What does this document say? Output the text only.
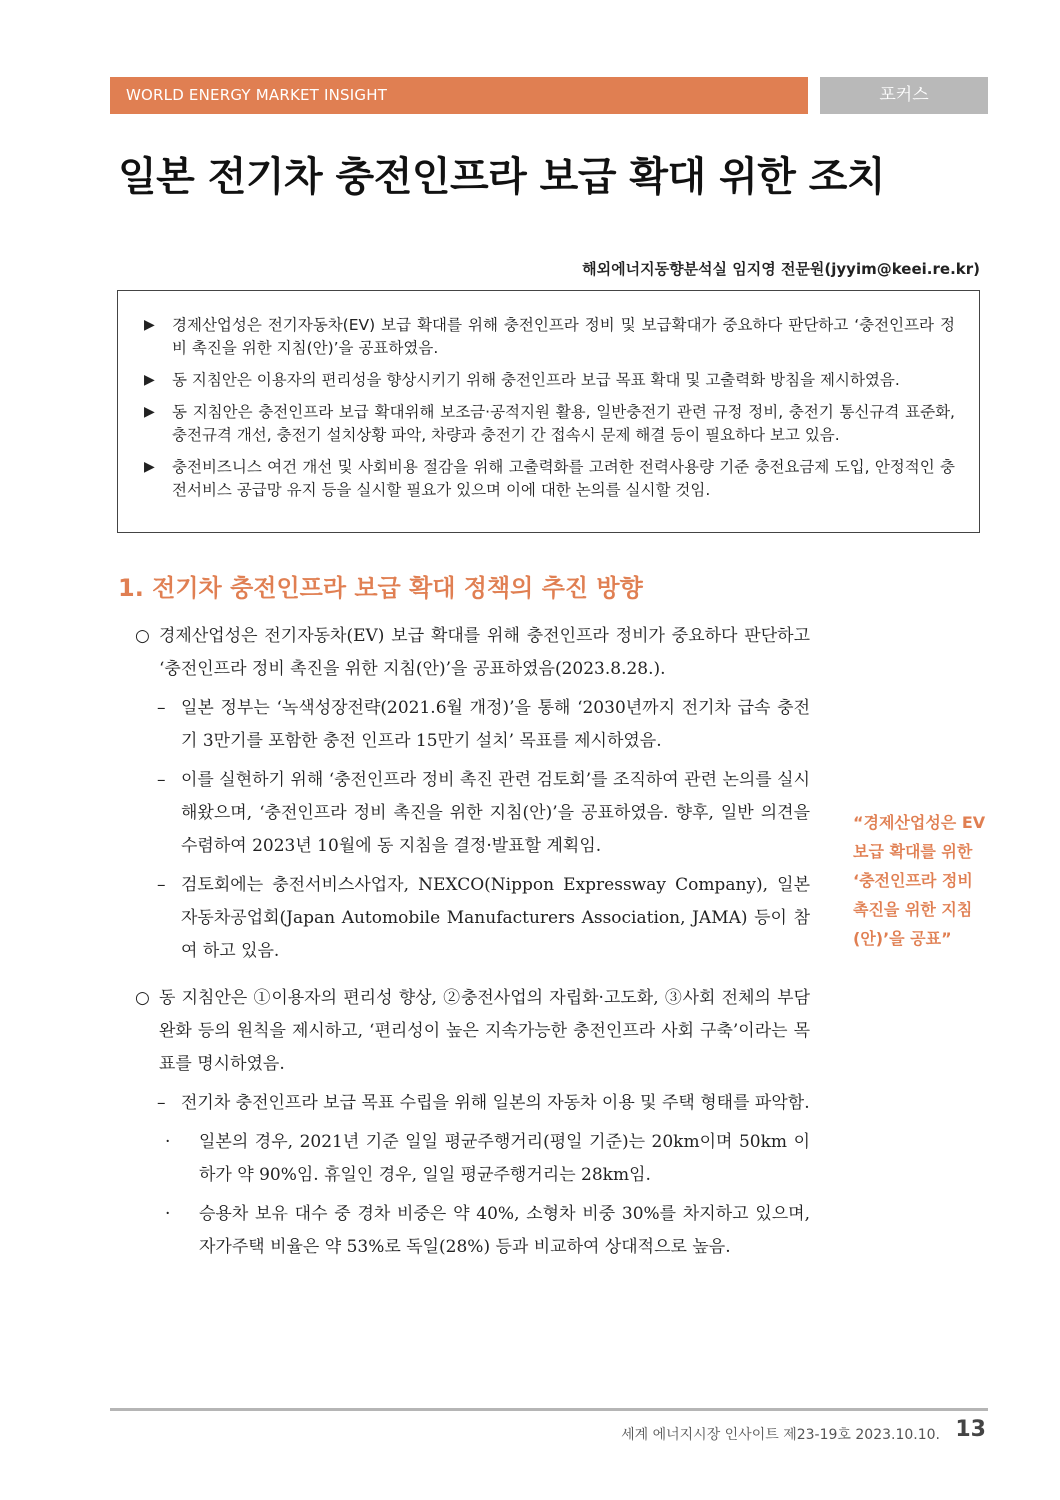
WORLD ENERGY MARKET INSIGHT	포커스
일본 전기차 충전인프라 보급 확대 위한 조치
해외에너지동향분석실 임지영 전문원(jyyim@keei.re.kr)
▶	경제산업성은 전기자동차(EV) 보급 확대를 위해 충전인프라 정비 및 보급확대가 중요하다 판단하고 ‘충전인프라 정비 촉진을 위한 지침(안)’을 공표하였음.
▶	동 지침안은 이용자의 편리성을 향상시키기 위해 충전인프라 보급 목표 확대 및 고출력화 방침을 제시하였음.
▶	동 지침안은 충전인프라 보급 확대위해 보조금·공적지원 활용, 일반충전기 관련 규정 정비, 충전기 통신규격 표준화, 충전규격 개선, 충전기 설치상황 파악, 차량과 충전기 간 접속시 문제 해결 등이 필요하다 보고 있음.
▶	충전비즈니스 여건 개선 및 사회비용 절감을 위해 고출력화를 고려한 전력사용량 기준 충전요금제 도입, 안정적인 충전서비스 공급망 유지 등을 실시할 필요가 있으며 이에 대한 논의를 실시할 것임.
1. 전기차 충전인프라 보급 확대 정책의 추진 방향
○ 경제산업성은 전기자동차(EV) 보급 확대를 위해 충전인프라 정비가 중요하다 판단하고 ‘충전인프라 정비 촉진을 위한 지침(안)’을 공표하였음(2023.8.28.).
– 일본 정부는 ‘녹색성장전략(2021.6월 개정)’을 통해 ‘2030년까지 전기차 급속 충전기 3만기를 포함한 충전 인프라 15만기 설치’ 목표를 제시하였음.
– 이를 실현하기 위해 ‘충전인프라 정비 촉진 관련 검토회’를 조직하여 관련 논의를 실시해왔으며, ‘충전인프라 정비 촉진을 위한 지침(안)’을 공표하였음. 향후, 일반 의견을 수렴하여 2023년 10월에 동 지침을 결정·발표할 계획임.
– 검토회에는 충전서비스사업자, NEXCO(Nippon Expressway Company), 일본 자동차공업회(Japan Automobile Manufacturers Association, JAMA) 등이 참여 하고 있음.
○ 동 지침안은 ①이용자의 편리성 향상, ②충전사업의 자립화·고도화, ③사회 전체의 부담 완화 등의 원칙을 제시하고, ‘편리성이 높은 지속가능한 충전인프라 사회 구축’이라는 목표를 명시하였음.
– 전기차 충전인프라 보급 목표 수립을 위해 일본의 자동차 이용 및 주택 형태를 파악함.
·	일본의 경우, 2021년 기준 일일 평균주행거리(평일 기준)는 20km이며 50km 이하가 약 90%임. 휴일인 경우, 일일 평균주행거리는 28km임.
·	승용차 보유 대수 중 경차 비중은 약 40%, 소형차 비중 30%를 차지하고 있으며, 자가주택 비율은 약 53%로 독일(28%) 등과 비교하여 상대적으로 높음.
“경제산업성은 EV 보급 확대를 위한 ‘충전인프라 정비 촉진을 위한 지침(안)’을 공표”
세계 에너지시장 인사이트 제23-19호 2023.10.10. 13
